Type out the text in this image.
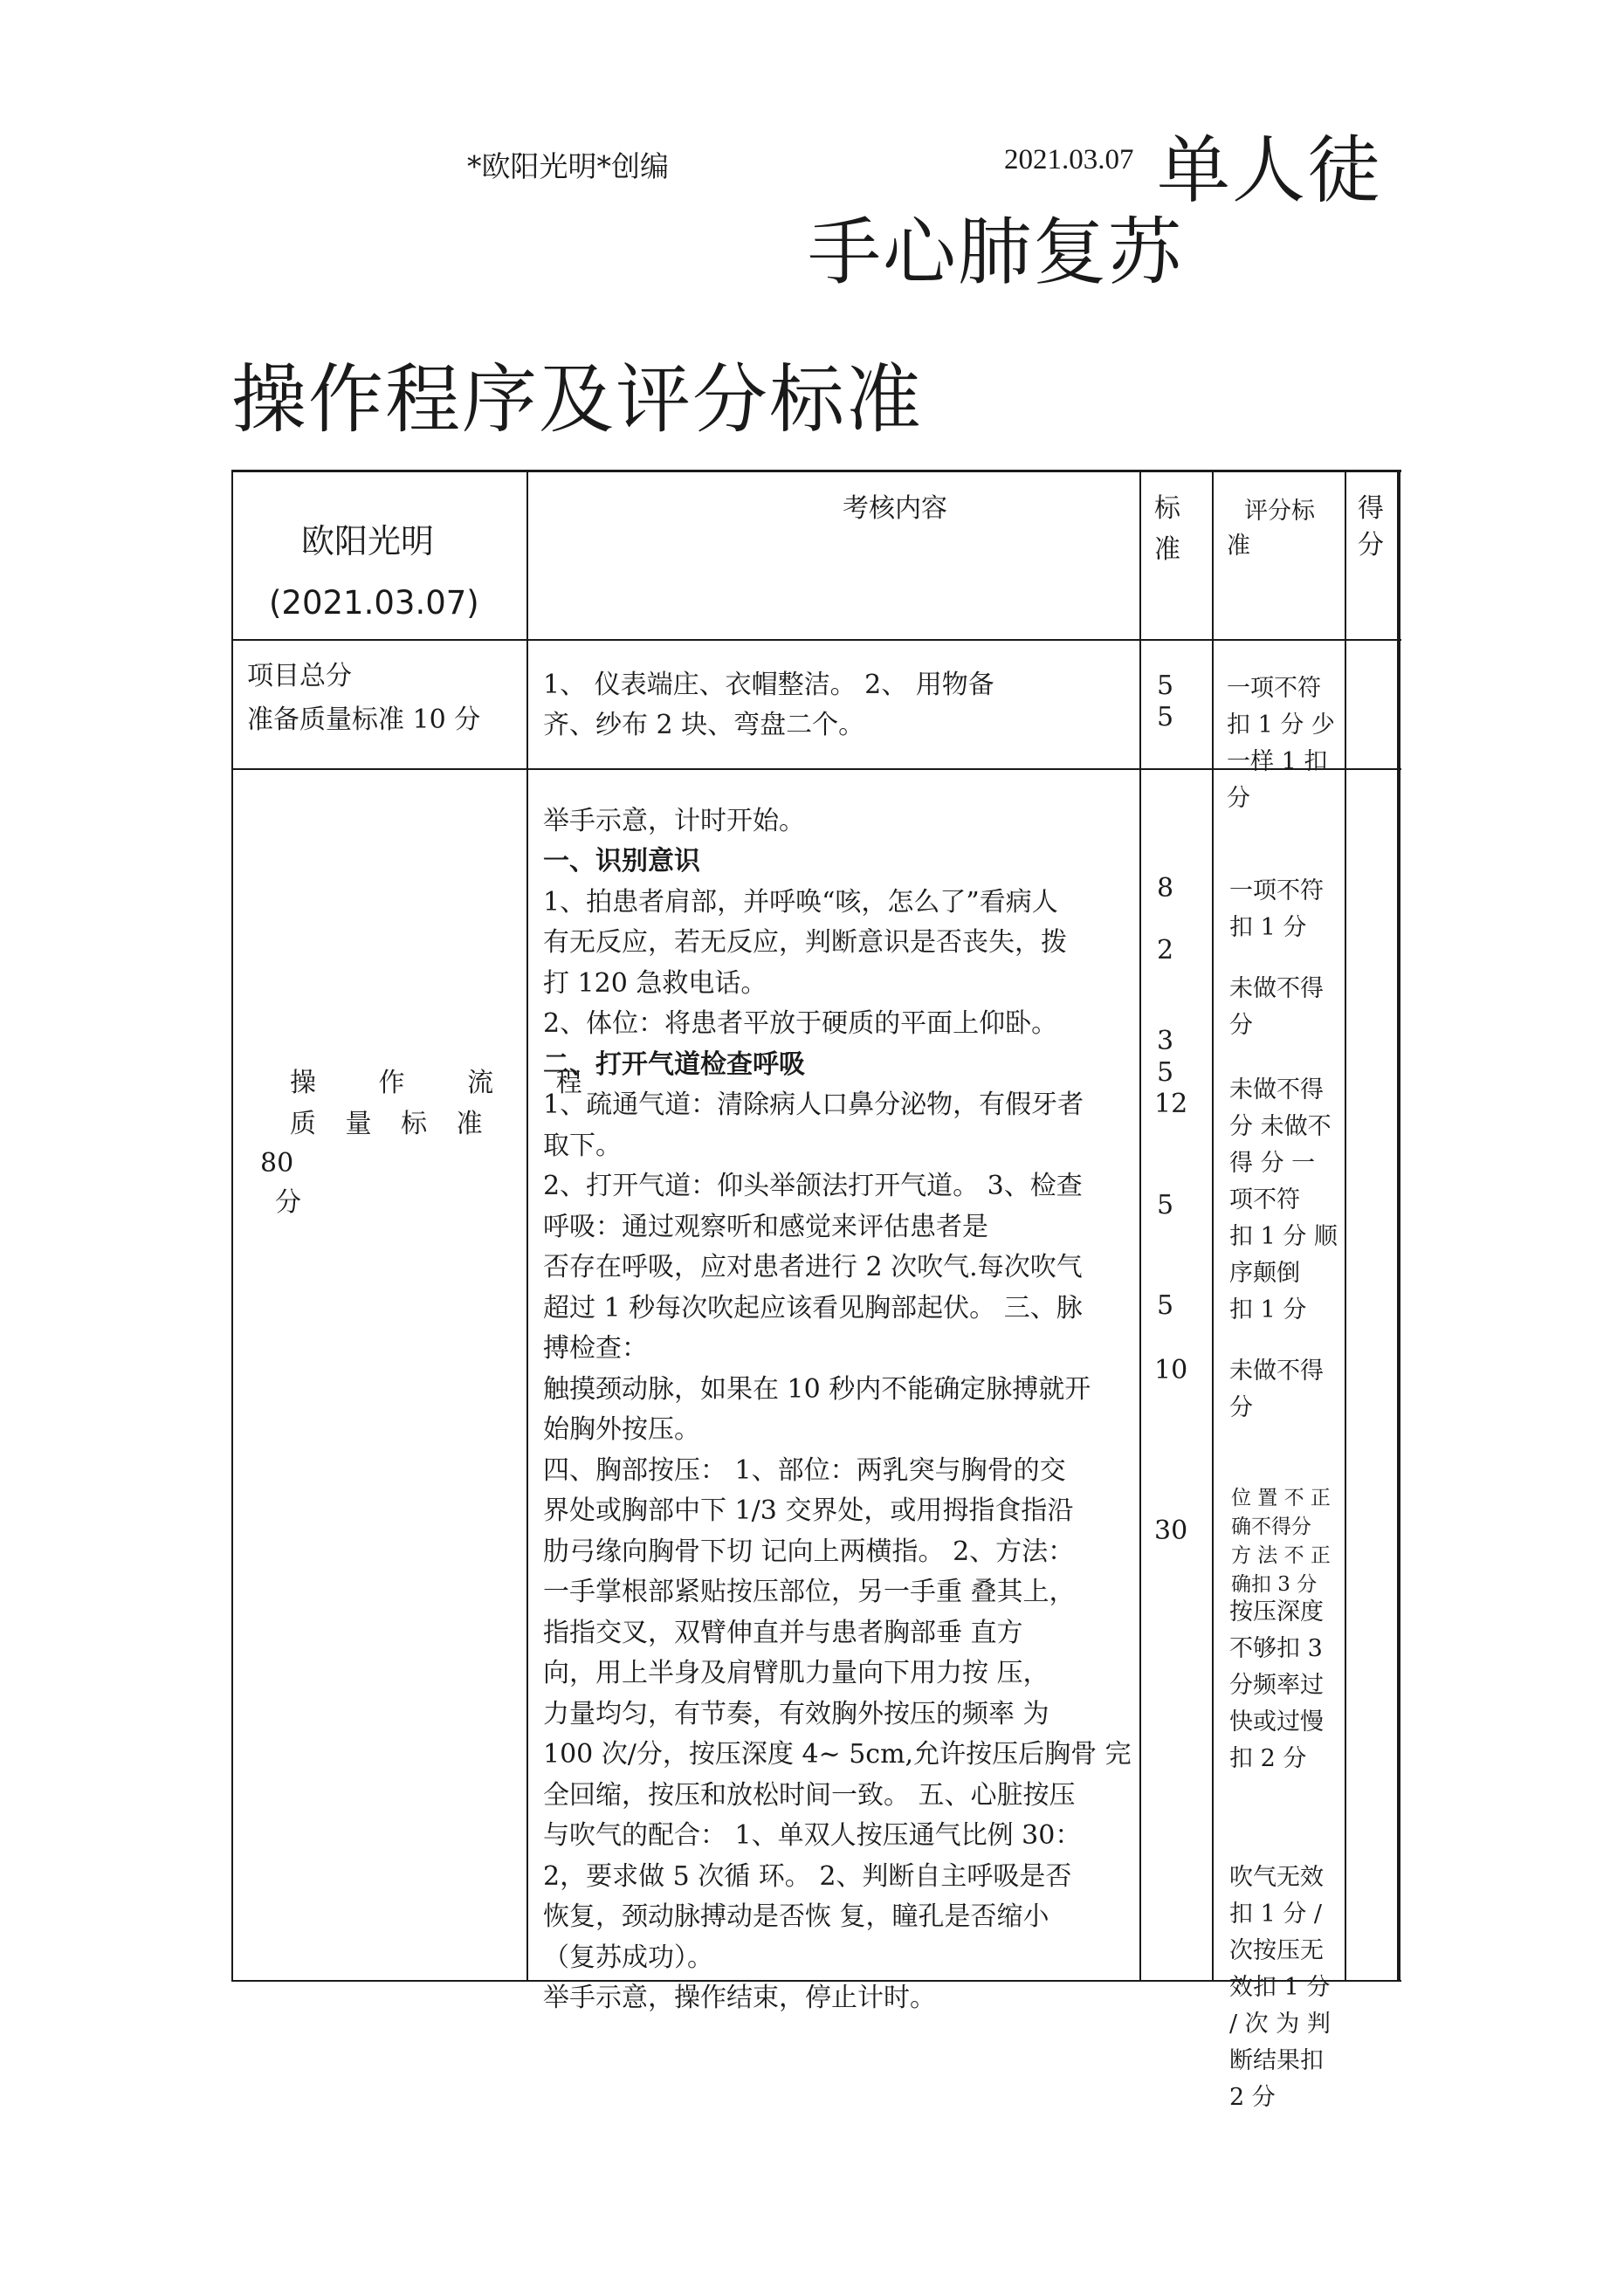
*欧阳光明*创编	2021.03.07 单人徒
手心肺复苏
操作程序及评分标准
欧阳光明
(2021.03.07)
考核内容	标
准
评分标
准
得
分
项目总分
准备质量标准 10 分
1、 仪表端庄、衣帽整洁。 2、 用物备
齐、纱布 2 块、弯盘二个。
5
5
一项不符
扣 1 分 少
一样 1 扣
分
操 作 流 程
质 量 标 准
80
分
举手示意，计时开始。
一、识别意识
1、拍患者肩部，并呼唤“咳，怎么了”看病人
有无反应，若无反应，判断意识是否丧失，拨
打 120 急救电话。
2、体位：将患者平放于硬质的平面上仰卧。
二、打开气道检查呼吸
1、疏通气道：清除病人口鼻分泌物，有假牙者
取下。
2、打开气道：仰头举颌法打开气道。 3、检查
呼吸：通过观察听和感觉来评估患者是
否存在呼吸，应对患者进行 2 次吹气.每次吹气
超过 1 秒每次吹起应该看见胸部起伏。 三、脉
搏检查：
触摸颈动脉，如果在 10 秒内不能确定脉搏就开
始胸外按压。
四、胸部按压： 1、部位：两乳突与胸骨的交
界处或胸部中下 1/3 交界处，或用拇指食指沿
肋弓缘向胸骨下切 记向上两横指。 2、方法：
一手掌根部紧贴按压部位，另一手重 叠其上，
指指交叉，双臂伸直并与患者胸部垂 直方
向，用上半身及肩臂肌力量向下用力按 压，
力量均匀，有节奏，有效胸外按压的频率 为
100 次/分，按压深度 4~ 5cm,允许按压后胸骨 完
全回缩，按压和放松时间一致。 五、心脏按压
与吹气的配合： 1、单双人按压通气比例 30：
2，要求做 5 次循 环。 2、判断自主呼吸是否
恢复，颈动脉搏动是否恢 复，瞳孔是否缩小
（复苏成功）。
举手示意，操作结束，停止计时。
8
2
3
5
12
5
5
10
30
一项不符
扣 1 分
未做不得
分
未做不得
分 未做不
得 分 一
项不符
扣 1 分 顺
序颠倒
扣 1 分
未做不得
分
位 置 不 正
确不得分
方 法 不 正
确扣 3 分
按压深度
不够扣 3
分频率过
快或过慢
扣 2 分
吹气无效
扣 1 分 /
次按压无
效扣 1 分
/ 次 为 判
断结果扣
2 分
